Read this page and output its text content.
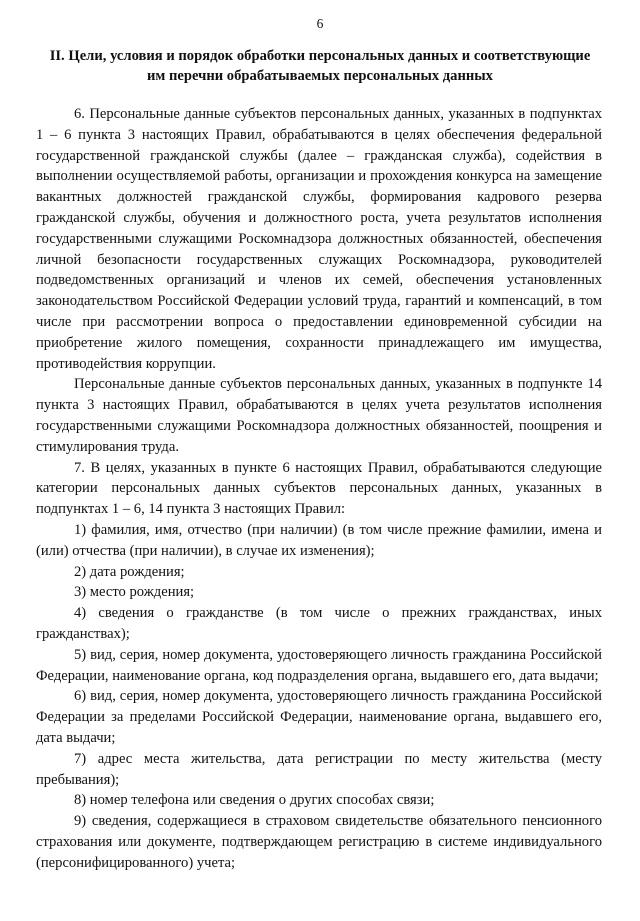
6
II. Цели, условия и порядок обработки персональных данных и соответствующие
им перечни обрабатываемых персональных данных

6. Персональные данные субъектов персональных данных, указанных в подпунктах 1 – 6 пункта 3 настоящих Правил, обрабатываются в целях обеспечения федеральной государственной гражданской службы (далее – гражданская служба), содействия в выполнении осуществляемой работы, организации и прохождения конкурса на замещение вакантных должностей гражданской службы, формирования кадрового резерва гражданской службы, обучения и должностного роста, учета результатов исполнения государственными служащими Роскомнадзора должностных обязанностей, обеспечения личной безопасности государственных служащих Роскомнадзора, руководителей подведомственных организаций и членов их семей, обеспечения установленных законодательством Российской Федерации условий труда, гарантий и компенсаций, в том числе при рассмотрении вопроса о предоставлении единовременной субсидии на приобретение жилого помещения, сохранности принадлежащего им имущества, противодействия коррупции.

Персональные данные субъектов персональных данных, указанных в подпункте 14 пункта 3 настоящих Правил, обрабатываются в целях учета результатов исполнения государственными служащими Роскомнадзора должностных обязанностей, поощрения и стимулирования труда.

7. В целях, указанных в пункте 6 настоящих Правил, обрабатываются следующие категории персональных данных субъектов персональных данных, указанных в подпунктах 1 – 6, 14 пункта 3 настоящих Правил:

1) фамилия, имя, отчество (при наличии) (в том числе прежние фамилии, имена и (или) отчества (при наличии), в случае их изменения);

2) дата рождения;

3) место рождения;

4) сведения о гражданстве (в том числе о прежних гражданствах, иных гражданствах);

5) вид, серия, номер документа, удостоверяющего личность гражданина Российской Федерации, наименование органа, код подразделения органа, выдавшего его, дата выдачи;

6) вид, серия, номер документа, удостоверяющего личность гражданина Российской Федерации за пределами Российской Федерации, наименование органа, выдавшего его, дата выдачи;

7) адрес места жительства, дата регистрации по месту жительства (месту пребывания);

8) номер телефона или сведения о других способах связи;

9) сведения, содержащиеся в страховом свидетельстве обязательного пенсионного страхования или документе, подтверждающем регистрацию в системе индивидуального (персонифицированного) учета;
